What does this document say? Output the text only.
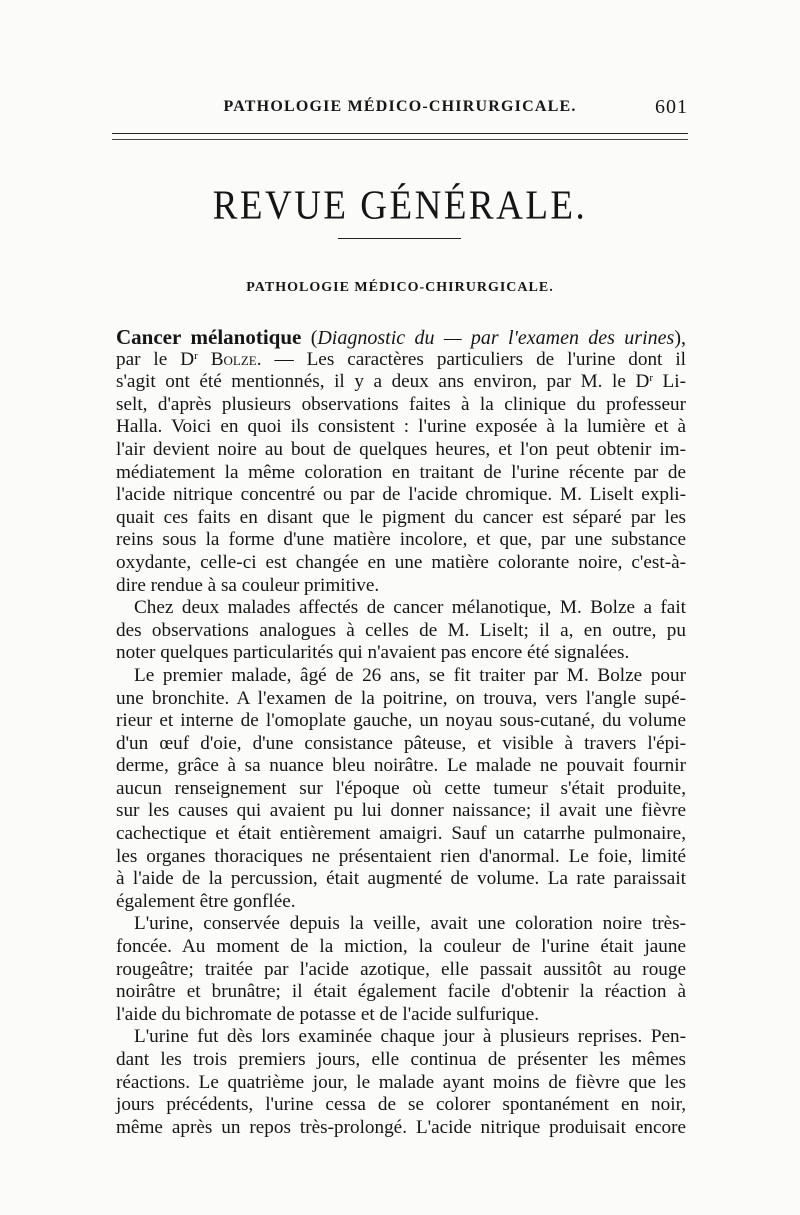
PATHOLOGIE MÉDICO-CHIRURGICALE.	601
REVUE GÉNÉRALE.
PATHOLOGIE MÉDICO-CHIRURGICALE.
Cancer mélanotique (Diagnostic du — par l'examen des urines),
par le $D^r$ Bolze. — Les caractères particuliers de l'urine dont il
s'agit ont été mentionnés, il y a deux ans environ, par M. le $D^r$ Li-
selt, d'après plusieurs observations faites à la clinique du professeur
Halla. Voici en quoi ils consistent : l'urine exposée à la lumière et à
l'air devient noire au bout de quelques heures, et l'on peut obtenir im-
médiatement la même coloration en traitant de l'urine récente par de
l'acide nitrique concentré ou par de l'acide chromique. M. Liselt expli-
quait ces faits en disant que le pigment du cancer est séparé par les
reins sous la forme d'une matière incolore, et que, par une substance
oxydante, celle-ci est changée en une matière colorante noire, c'est-à-
dire rendue à sa couleur primitive.
Chez deux malades affectés de cancer mélanotique, M. Bolze a fait
des observations analogues à celles de M. Liselt; il a, en outre, pu
noter quelques particularités qui n'avaient pas encore été signalées.
Le premier malade, âgé de 26 ans, se fit traiter par M. Bolze pour
une bronchite. A l'examen de la poitrine, on trouva, vers l'angle supé-
rieur et interne de l'omoplate gauche, un noyau sous-cutané, du volume
d'un œuf d'oie, d'une consistance pâteuse, et visible à travers l'épi-
derme, grâce à sa nuance bleu noirâtre. Le malade ne pouvait fournir
aucun renseignement sur l'époque où cette tumeur s'était produite,
sur les causes qui avaient pu lui donner naissance; il avait une fièvre
cachectique et était entièrement amaigri. Sauf un catarrhe pulmonaire,
les organes thoraciques ne présentaient rien d'anormal. Le foie, limité
à l'aide de la percussion, était augmenté de volume. La rate paraissait
également être gonflée.
L'urine, conservée depuis la veille, avait une coloration noire très-
foncée. Au moment de la miction, la couleur de l'urine était jaune
rougeâtre; traitée par l'acide azotique, elle passait aussitôt au rouge
noirâtre et brunâtre; il était également facile d'obtenir la réaction à
l'aide du bichromate de potasse et de l'acide sulfurique.
L'urine fut dès lors examinée chaque jour à plusieurs reprises. Pen-
dant les trois premiers jours, elle continua de présenter les mêmes
réactions. Le quatrième jour, le malade ayant moins de fièvre que les
jours précédents, l'urine cessa de se colorer spontanément en noir,
même après un repos très-prolongé. L'acide nitrique produisait encore
